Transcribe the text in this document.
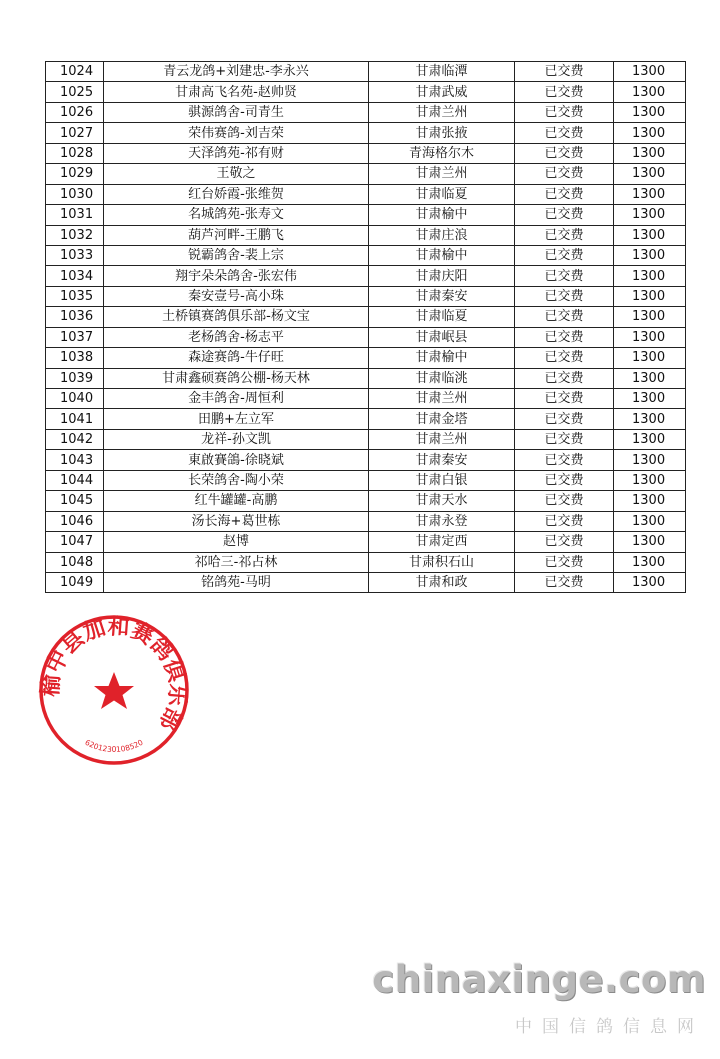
1024	青云龙鸽+刘建忠-李永兴	甘肃临潭	已交费	1300
1025	甘肃高飞名苑-赵帅贤	甘肃武威	已交费	1300
1026	骐源鸽舍-司青生	甘肃兰州	已交费	1300
1027	荣伟赛鸽-刘吉荣	甘肃张掖	已交费	1300
1028	天泽鸽苑-祁有财	青海格尔木	已交费	1300
1029	王敬之	甘肃兰州	已交费	1300
1030	红台娇霞-张维贺	甘肃临夏	已交费	1300
1031	名城鸽苑-张寿文	甘肃榆中	已交费	1300
1032	葫芦河畔-王鹏飞	甘肃庄浪	已交费	1300
1033	锐霸鸽舍-裴上宗	甘肃榆中	已交费	1300
1034	翔宇朵朵鸽舍-张宏伟	甘肃庆阳	已交费	1300
1035	秦安壹号-高小珠	甘肃秦安	已交费	1300
1036	土桥镇赛鸽俱乐部-杨文宝	甘肃临夏	已交费	1300
1037	老杨鸽舍-杨志平	甘肃岷县	已交费	1300
1038	森途赛鸽-牛仔旺	甘肃榆中	已交费	1300
1039	甘肃鑫硕赛鸽公棚-杨天林	甘肃临洮	已交费	1300
1040	金丰鸽舍-周恒利	甘肃兰州	已交费	1300
1041	田鹏+左立军	甘肃金塔	已交费	1300
1042	龙祥-孙文凯	甘肃兰州	已交费	1300
1043	東啟賽鴿-徐晓斌	甘肃秦安	已交费	1300
1044	长荣鸽舍-陶小荣	甘肃白银	已交费	1300
1045	红牛罐罐-高鹏	甘肃天水	已交费	1300
1046	汤长海+葛世栋	甘肃永登	已交费	1300
1047	赵博	甘肃定西	已交费	1300
1048	祁哈三-祁占林	甘肃积石山	已交费	1300
1049	铭鸽苑-马明	甘肃和政	已交费	1300
榆中县加和赛鸽俱乐部
6201230108520
chinaxinge.com
中国信鸽信息网
